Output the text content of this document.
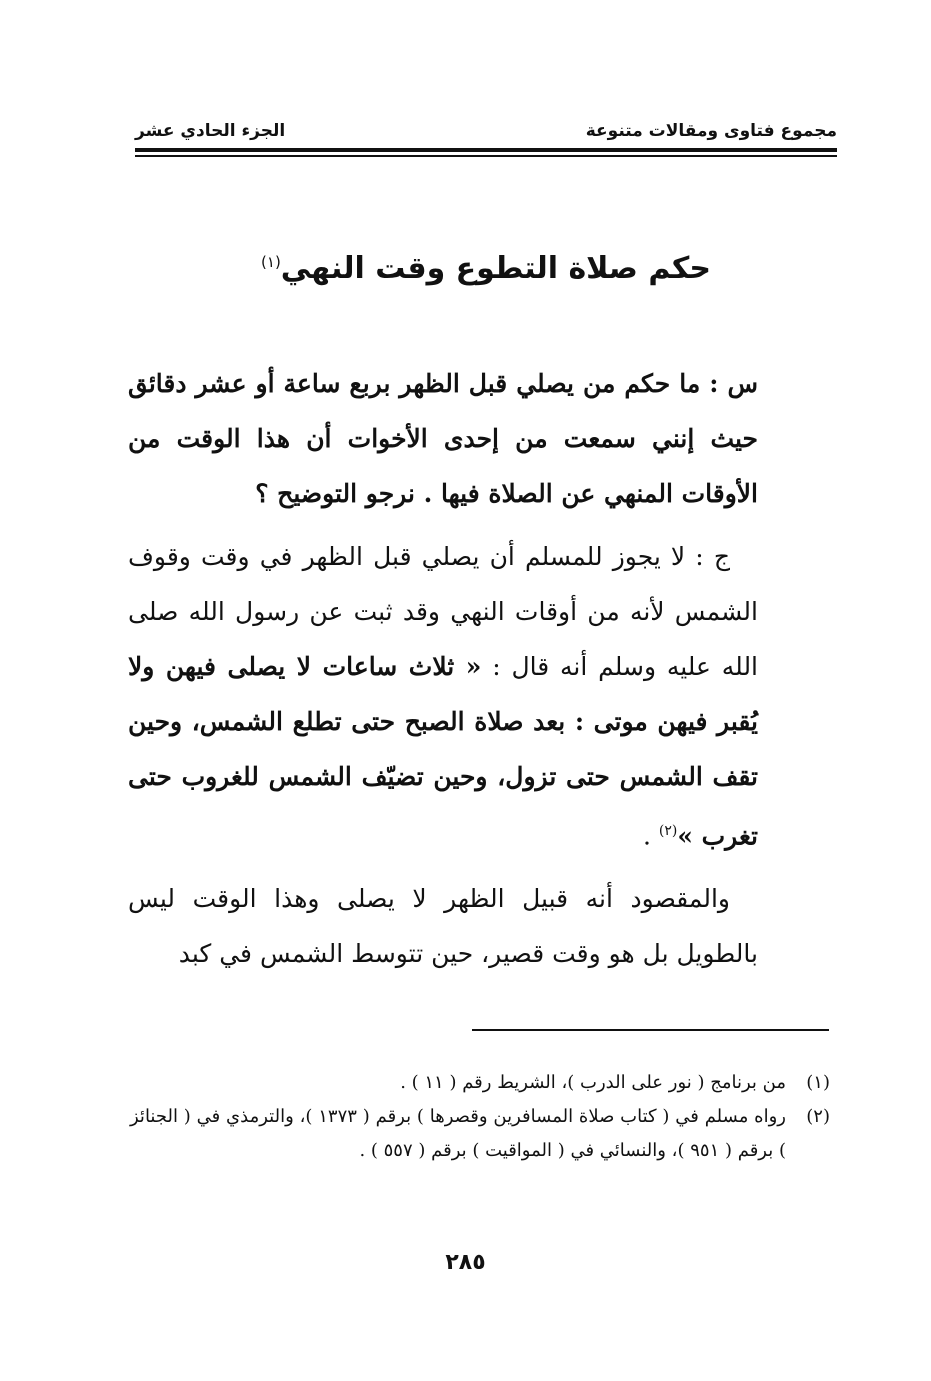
مجموع فتاوى ومقالات متنوعة
الجزء الحادي عشر
حكم صلاة التطوع وقت النهي$^{(١)}$

س : ما حكم من يصلي قبل الظهر بربع ساعة أو عشر دقائق حيث إنني سمعت من إحدى الأخوات أن هذا الوقت من الأوقات المنهي عن الصلاة فيها . نرجو التوضيح ؟

ج : لا يجوز للمسلم أن يصلي قبل الظهر في وقت وقوف الشمس لأنه من أوقات النهي وقد ثبت عن رسول الله صلى الله عليه وسلم أنه قال : « ثلاث ساعات لا يصلى فيهن ولا يُقبر فيهن موتى : بعد صلاة الصبح حتى تطلع الشمس، وحين تقف الشمس حتى تزول، وحين تضيّف الشمس للغروب حتى تغرب »$^{(٢)}$ .

والمقصود أنه قبيل الظهر لا يصلى وهذا الوقت ليس بالطويل بل هو وقت قصير، حين تتوسط الشمس في كبد

(١)
من برنامج ( نور على الدرب )، الشريط رقم ( ١١ ) .
(٢)
رواه مسلم في ( كتاب صلاة المسافرين وقصرها ) برقم ( ١٣٧٣ )، والترمذي في ( الجنائز ) برقم ( ٩٥١ )، والنسائي في ( المواقيت ) برقم ( ٥٥٧ ) .
٢٨٥
